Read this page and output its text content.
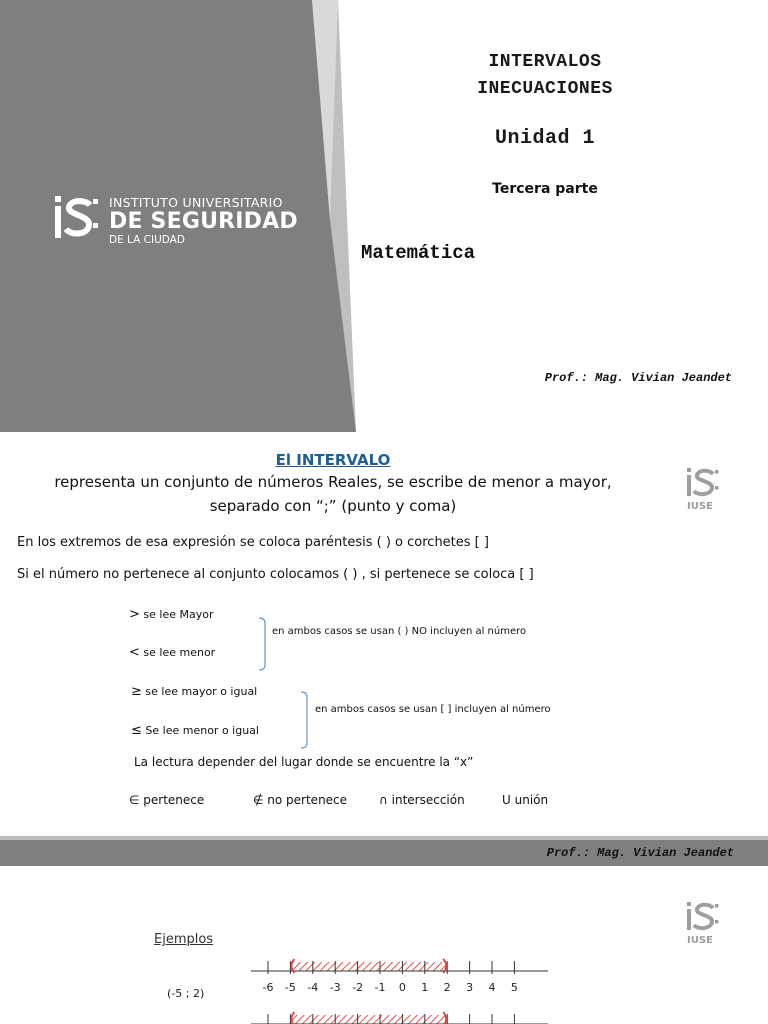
INSTITUTO UNIVERSITARIO
DE SEGURIDAD
DE LA CIUDAD
INTERVALOS
INECUACIONES
Unidad 1
Tercera parte
Matemática
Prof.: Mag. Vivian Jeandet
El INTERVALO
representa un conjunto de números Reales, se escribe de menor a mayor,
separado con “;” (punto y coma)	IUSE
En los extremos de esa expresión se coloca paréntesis ( ) o corchetes [ ]
Si el número no pertenece al conjunto colocamos ( ) , si pertenece se coloca [ ]
> se lee Mayor
< se lee menor
≥ se lee mayor o igual
≤ Se lee menor o igual
en ambos casos se usan ( ) NO incluyen al número
en ambos casos se usan [ ] incluyen al número
La lectura depender del lugar donde se encuentre la “x”
∈ pertenece	∉ no pertenece	∩ intersección	U unión
Prof.: Mag. Vivian Jeandet
IUSE
Ejemplos
(-5 ; 2)	-6 -5 -4 -3 -2 -1 0 1 2 3 4 5
